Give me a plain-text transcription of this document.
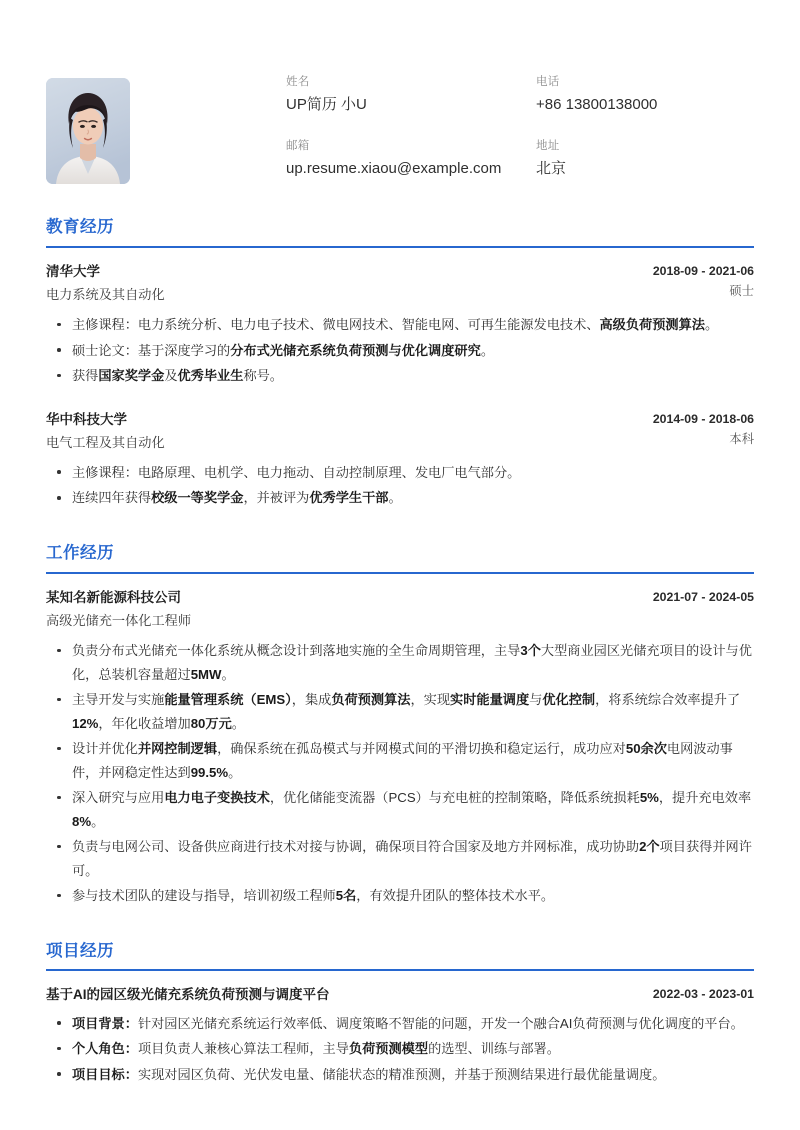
姓名
UP简历 小U
电话
+86 13800138000
邮箱
up.resume.xiaou@example.com
地址
北京
教育经历
清华大学
电力系统及其自动化
2018-09 - 2021-06
硕士
主修课程：电力系统分析、电力电子技术、微电网技术、智能电网、可再生能源发电技术、高级负荷预测算法。
硕士论文：基于深度学习的分布式光储充系统负荷预测与优化调度研究。
获得国家奖学金及优秀毕业生称号。
华中科技大学
电气工程及其自动化
2014-09 - 2018-06
本科
主修课程：电路原理、电机学、电力拖动、自动控制原理、发电厂电气部分。
连续四年获得校级一等奖学金，并被评为优秀学生干部。
工作经历
某知名新能源科技公司
高级光储充一体化工程师
2021-07 - 2024-05
负责分布式光储充一体化系统从概念设计到落地实施的全生命周期管理，主导3个大型商业园区光储充项目的设计与优化，总装机容量超过5MW。
主导开发与实施能量管理系统（EMS），集成负荷预测算法，实现实时能量调度与优化控制，将系统综合效率提升了12%，年化收益增加80万元。
设计并优化并网控制逻辑，确保系统在孤岛模式与并网模式间的平滑切换和稳定运行，成功应对50余次电网波动事件，并网稳定性达到99.5%。
深入研究与应用电力电子变换技术，优化储能变流器（PCS）与充电桩的控制策略，降低系统损耗5%，提升充电效率8%。
负责与电网公司、设备供应商进行技术对接与协调，确保项目符合国家及地方并网标准，成功协助2个项目获得并网许可。
参与技术团队的建设与指导，培训初级工程师5名，有效提升团队的整体技术水平。
项目经历
基于AI的园区级光储充系统负荷预测与调度平台	2022-03 - 2023-01
项目背景：针对园区光储充系统运行效率低、调度策略不智能的问题，开发一个融合AI负荷预测与优化调度的平台。
个人角色：项目负责人兼核心算法工程师，主导负荷预测模型的选型、训练与部署。
项目目标：实现对园区负荷、光伏发电量、储能状态的精准预测，并基于预测结果进行最优能量调度。
